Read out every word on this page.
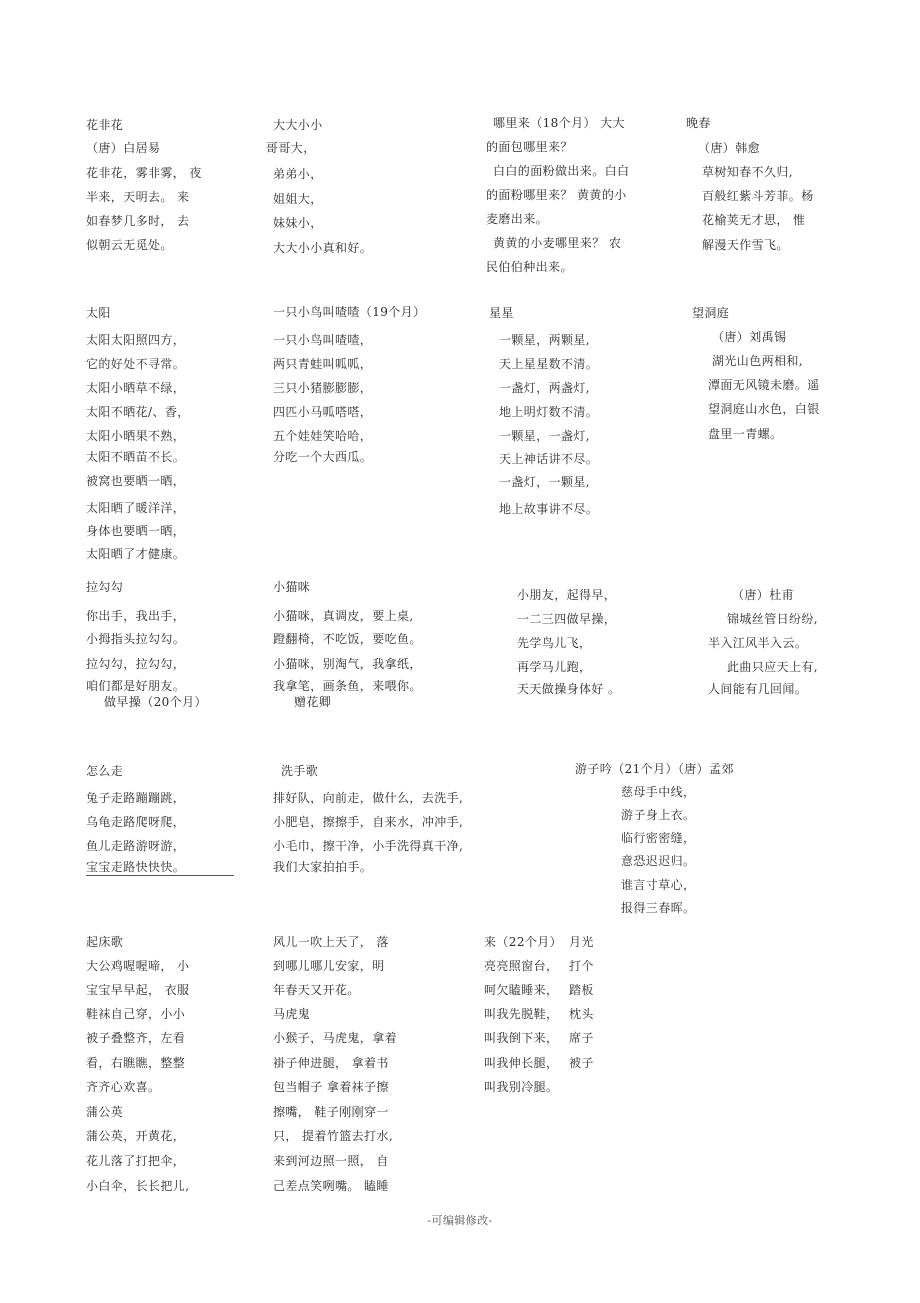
花非花
（唐）白居易
花非花，雾非雾， 夜
半来，天明去。 来
如春梦几多时， 去
似朝云无觅处。
大大小小
哥哥大，
弟弟小，
姐姐大，
妹妹小，
大大小小真和好。
哪里来（18个月） 大大
的面包哪里来？
白白的面粉做出来。白白
的面粉哪里来？ 黄黄的小
麦磨出来。
黄黄的小麦哪里来？ 农
民伯伯种出来。
晚春
（唐）韩愈
草树知春不久归,
百般红紫斗芳菲。杨
花榆荚无才思， 惟
解漫天作雪飞。
太阳
太阳太阳照四方，
它的好处不寻常。
太阳小晒草不绿，
太阳不晒花/、香，
太阳小晒果不熟，
太阳不晒苗不长。
被窝也要晒一晒，
太阳晒了暖洋洋，
身体也要晒一晒，
太阳晒了才健康。
一只小鸟叫喳喳（19个月）
一只小鸟叫喳喳，
两只青蛙叫呱呱，
三只小猪膨膨膨，
四匹小马呱嗒嗒，
五个娃娃笑哈哈，
分吃一个大西瓜。
星星
一颗星，两颗星,
天上星星数不清。
一盏灯，两盏灯,
地上明灯数不清。
一颗星，一盏灯,
天上神话讲不尽。
一盏灯，一颗星,
地上故事讲不尽。
望洞庭
（唐）刘禹锡
湖光山色两相和,
潭面无风镜未磨。遥
望洞庭山水色，白银
盘里一青螺。
拉勾勾
你出手，我出手，
小拇指头拉勾勾。
拉勾勾，拉勾勾，
咱们都是好朋友。
做早操（20个月）
小猫咪
小猫咪，真调皮，要上桌,
蹬翻椅，不吃饭，要吃鱼。
小猫咪，别淘气，我拿纸，
我拿笔，画条鱼，来喂你。
赠花卿
小朋友，起得早，
一二三四做早操，
先学鸟儿飞，
再学马儿跑，
天天做操身体好 。
（唐）杜甫
锦城丝管日纷纷,
半入江风半入云。
此曲只应天上有,
人间能有几回闻。
怎么走
兔子走路蹦蹦跳，
乌龟走路爬呀爬，
鱼儿走路游呀游，
宝宝走路快快快。
洗手歌
排好队，向前走，做什么，去洗手,
小肥皂，擦擦手，自来水，冲冲手,
小毛巾，擦干净，小手洗得真干净,
我们大家拍拍手。
游子吟（21个月）（唐）孟郊
慈母手中线，
游子身上衣。
临行密密缝，
意恐迟迟归。
谁言寸草心，
报得三春晖。
起床歌
大公鸡喔喔啼， 小
宝宝早早起， 衣服
鞋袜自己穿，小小
被子叠整齐，左看
看，右瞧瞧，整整
齐齐心欢喜。
蒲公英
蒲公英，开黄花，
花儿落了打把伞，
小白伞，长长把儿,
风儿一吹上天了， 落
到哪儿哪儿安家，明
年春天又开花。
马虎鬼
小猴子，马虎鬼，拿着
褂子伸进腿， 拿着书
包当帽子 拿着袜子擦
擦嘴， 鞋子刚刚穿一
只， 提着竹篮去打水,
来到河边照一照， 自
己差点笑咧嘴。 瞌睡
来（22个月）
亮亮照窗台，
呵欠瞌睡来，
叫我先脱鞋，
叫我倒下来，
叫我伸长腿，
叫我别冷腿。
月光
打个
踏板
枕头
席子
被子
-可编辑修改-
